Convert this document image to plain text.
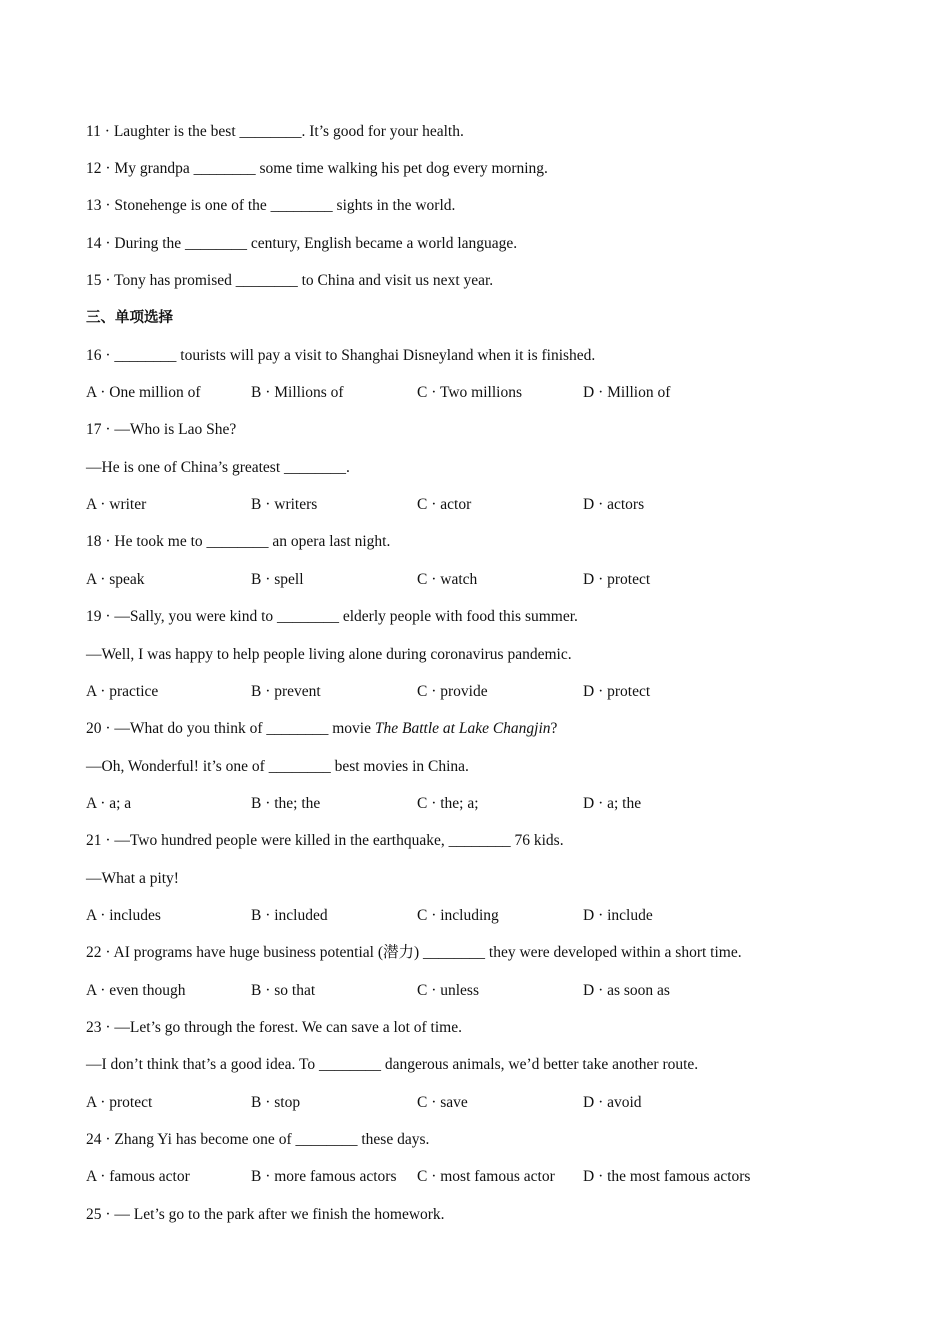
11 · Laughter is the best ________. It’s good for your health.
12 · My grandpa ________ some time walking his pet dog every morning.
13 · Stonehenge is one of the ________ sights in the world.
14 · During the ________ century, English became a world language.
15 · Tony has promised ________ to China and visit us next year.
三、单项选择
16 · ________ tourists will pay a visit to Shanghai Disneyland when it is finished.
A · One million of	B · Millions of	C · Two millions	D · Million of
17 · —Who is Lao She?
—He is one of China’s greatest ________.
A · writer	B · writers	C · actor	D · actors
18 · He took me to ________ an opera last night.
A · speak	B · spell	C · watch	D · protect
19 · —Sally, you were kind to ________ elderly people with food this summer.
—Well, I was happy to help people living alone during coronavirus pandemic.
A · practice	B · prevent	C · provide	D · protect
20 · —What do you think of ________ movie The Battle at Lake Changjin?
—Oh, Wonderful! it’s one of ________ best movies in China.
A · a; a	B · the; the	C · the; a;	D · a; the
21 · —Two hundred people were killed in the earthquake, ________ 76 kids.
—What a pity!
A · includes	B · included	C · including	D · include
22 · AI programs have huge business potential (潜力) ________ they were developed within a short time.
A · even though	B · so that	C · unless	D · as soon as
23 · —Let’s go through the forest. We can save a lot of time.
—I don’t think that’s a good idea. To ________ dangerous animals, we’d better take another route.
A · protect	B · stop	C · save	D · avoid
24 · Zhang Yi has become one of ________ these days.
A · famous actor	B · more famous actors C · most famous actor D · the most famous actors
25 · — Let’s go to the park after we finish the homework.
